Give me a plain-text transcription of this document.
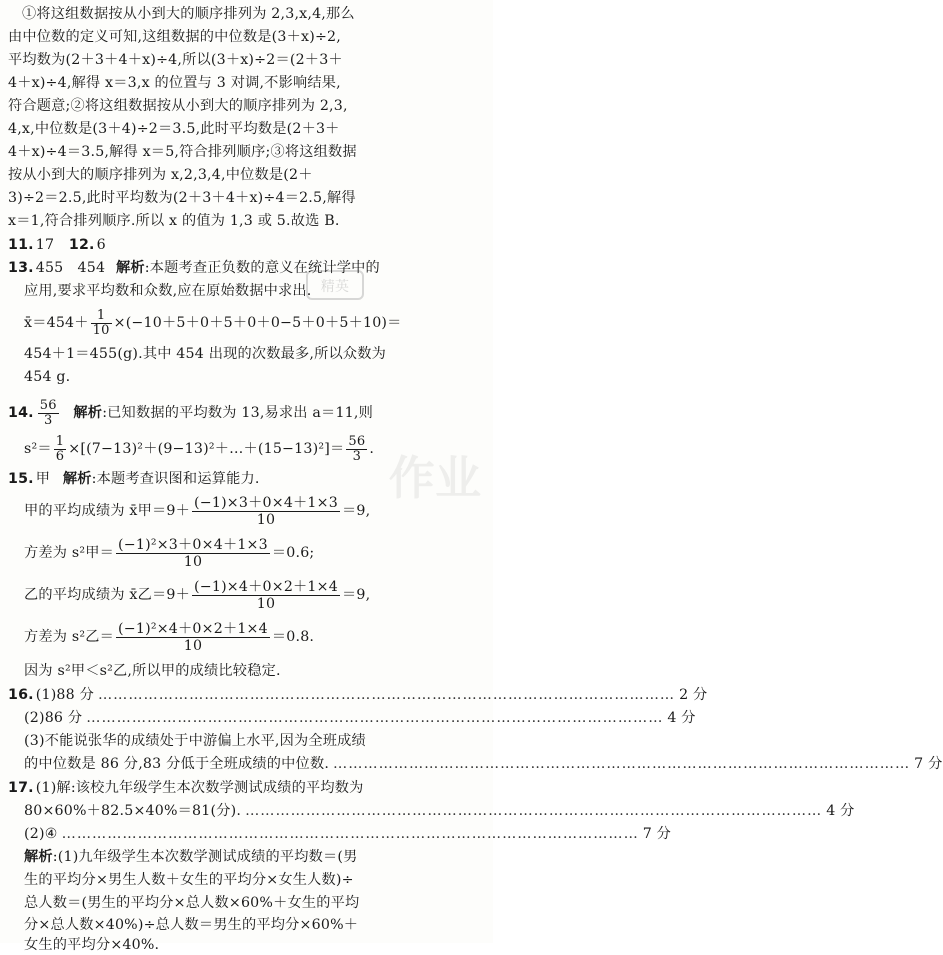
①将这组数据按从小到大的顺序排列为 2,3,x,4,那么
由中位数的定义可知,这组数据的中位数是(3＋x)÷2,
平均数为(2＋3＋4＋x)÷4,所以(3＋x)÷2＝(2＋3＋
4＋x)÷4,解得 x＝3,x 的位置与 3 对调,不影响结果,
符合题意;②将这组数据按从小到大的顺序排列为 2,3,
4,x,中位数是(3＋4)÷2＝3.5,此时平均数是(2＋3＋
4＋x)÷4＝3.5,解得 x＝5,符合排列顺序;③将这组数据
按从小到大的顺序排列为 x,2,3,4,中位数是(2＋
3)÷2＝2.5,此时平均数为(2＋3＋4＋x)÷4＝2.5,解得
x＝1,符合排列顺序.所以 x 的值为 1,3 或 5.故选 B.
11. 17 12. 6
13. 455   454 解析:本题考查正负数的意义在统计学中的
应用,要求平均数和众数,应在原始数据中求出.
x̄＝454＋ $\frac{1}{10} \times(-10+5+0+5+0+0-5+0+5+10)=$
454＋1＝455(g).其中 454 出现的次数最多,所以众数为
454 g.
14. $\frac{56}{3}$ 解析:已知数据的平均数为 13,易求出 a＝11,则
$s^2= \frac{1}{6}$ ×[(7−13)²＋(9−13)²＋…＋(15−13)²]＝ $\frac{56}{3}$ .
15. 甲 解析:本题考查识图和运算能力.
甲的平均成绩为 x̄甲$=9+ \frac{(-1)\times 3+0\times 4+1\times 3}{10} =9$,
方差为 s²甲＝ $\frac{\text{(−1)²×3＋0×4＋1×3}}{10} =0.6$;
乙的平均成绩为 x̄乙$=9+ \frac{(-1)\times 4+0\times 2+1\times 4}{10} =9$,
方差为 s²乙＝ $\frac{\text{(−1)²×4＋0×2＋1×4}}{10} =0.8$.
因为 s²甲＜s²乙,所以甲的成绩比较稳定.
16. (1)88 分 …………………………………………………………………………………………………… 2 分
(2)86 分 …………………………………………………………………………………………………… 4 分
(3)不能说张华的成绩处于中游偏上水平,因为全班成绩
的中位数是 86 分,83 分低于全班成绩的中位数. …………………………………………………………………………………………………… 7 分
17. (1)解:该校九年级学生本次数学测试成绩的平均数为
80×60%＋82.5×40%＝81(分). …………………………………………………………………………………………………… 4 分
(2)④ …………………………………………………………………………………………………… 7 分
解析:(1)九年级学生本次数学测试成绩的平均数＝(男
生的平均分×男生人数＋女生的平均分×女生人数)÷
总人数＝(男生的平均分×总人数×60%＋女生的平均
分×总人数×40%)÷总人数＝男生的平均分×60%＋
女生的平均分×40%.
精英
作业
